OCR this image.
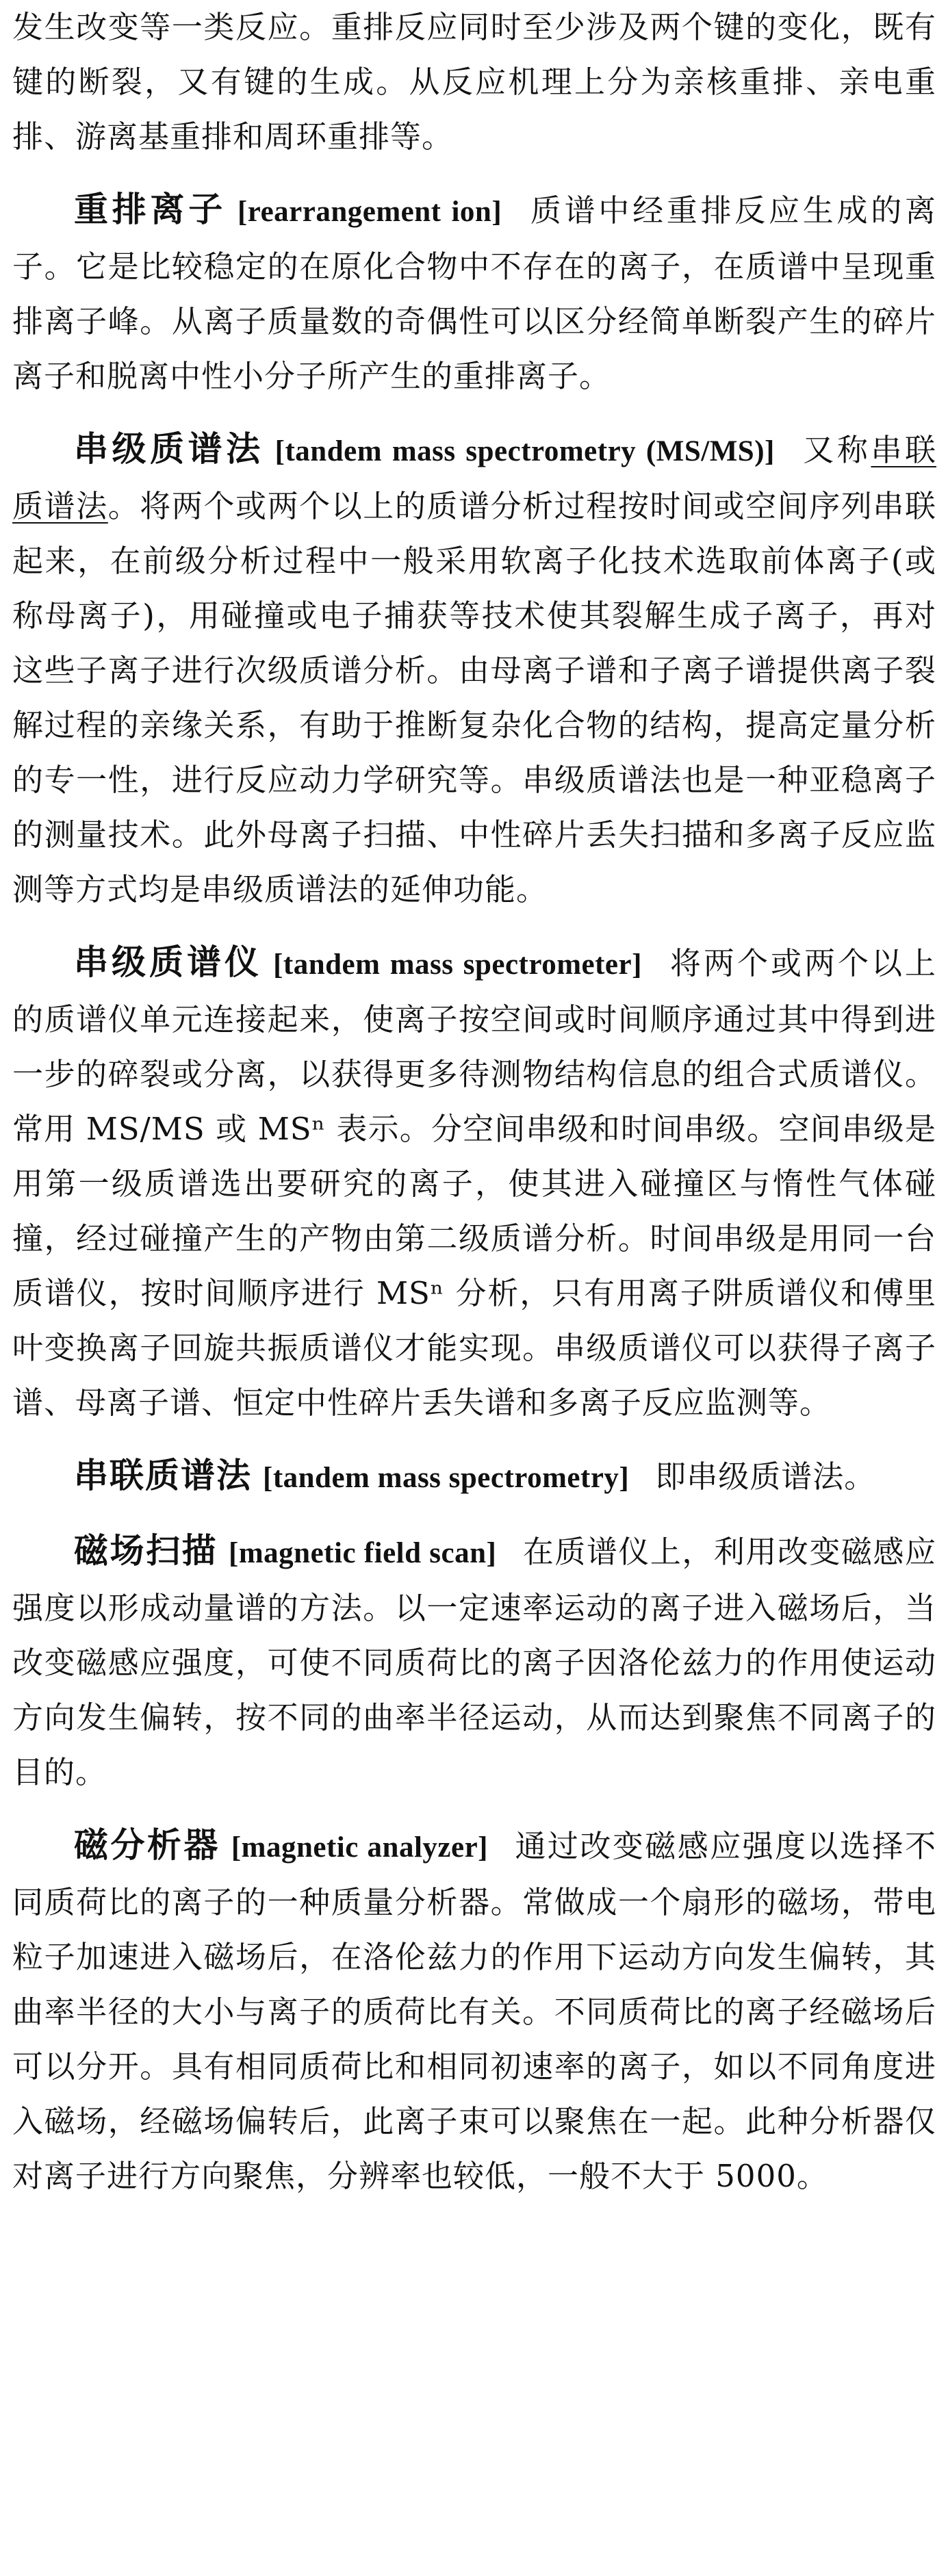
发生改变等一类反应。重排反应同时至少涉及两个键的变化，既有键的断裂，又有键的生成。从反应机理上分为亲核重排、亲电重排、游离基重排和周环重排等。

重排离子 [rearrangement ion] 质谱中经重排反应生成的离子。它是比较稳定的在原化合物中不存在的离子，在质谱中呈现重排离子峰。从离子质量数的奇偶性可以区分经简单断裂产生的碎片离子和脱离中性小分子所产生的重排离子。

串级质谱法 [tandem mass spectrometry (MS/MS)] 又称串联质谱法。将两个或两个以上的质谱分析过程按时间或空间序列串联起来，在前级分析过程中一般采用软离子化技术选取前体离子(或称母离子)，用碰撞或电子捕获等技术使其裂解生成子离子，再对这些子离子进行次级质谱分析。由母离子谱和子离子谱提供离子裂解过程的亲缘关系，有助于推断复杂化合物的结构，提高定量分析的专一性，进行反应动力学研究等。串级质谱法也是一种亚稳离子的测量技术。此外母离子扫描、中性碎片丢失扫描和多离子反应监测等方式均是串级质谱法的延伸功能。

串级质谱仪 [tandem mass spectrometer] 将两个或两个以上的质谱仪单元连接起来，使离子按空间或时间顺序通过其中得到进一步的碎裂或分离，以获得更多待测物结构信息的组合式质谱仪。常用 MS/MS 或 MSⁿ 表示。分空间串级和时间串级。空间串级是用第一级质谱选出要研究的离子，使其进入碰撞区与惰性气体碰撞，经过碰撞产生的产物由第二级质谱分析。时间串级是用同一台质谱仪，按时间顺序进行 MSⁿ 分析，只有用离子阱质谱仪和傅里叶变换离子回旋共振质谱仪才能实现。串级质谱仪可以获得子离子谱、母离子谱、恒定中性碎片丢失谱和多离子反应监测等。

串联质谱法 [tandem mass spectrometry] 即串级质谱法。

磁场扫描 [magnetic field scan] 在质谱仪上，利用改变磁感应强度以形成动量谱的方法。以一定速率运动的离子进入磁场后，当改变磁感应强度，可使不同质荷比的离子因洛伦兹力的作用使运动方向发生偏转，按不同的曲率半径运动，从而达到聚焦不同离子的目的。

磁分析器 [magnetic analyzer] 通过改变磁感应强度以选择不同质荷比的离子的一种质量分析器。常做成一个扇形的磁场，带电粒子加速进入磁场后，在洛伦兹力的作用下运动方向发生偏转，其曲率半径的大小与离子的质荷比有关。不同质荷比的离子经磁场后可以分开。具有相同质荷比和相同初速率的离子，如以不同角度进入磁场，经磁场偏转后，此离子束可以聚焦在一起。此种分析器仅对离子进行方向聚焦，分辨率也较低，一般不大于 5000。
